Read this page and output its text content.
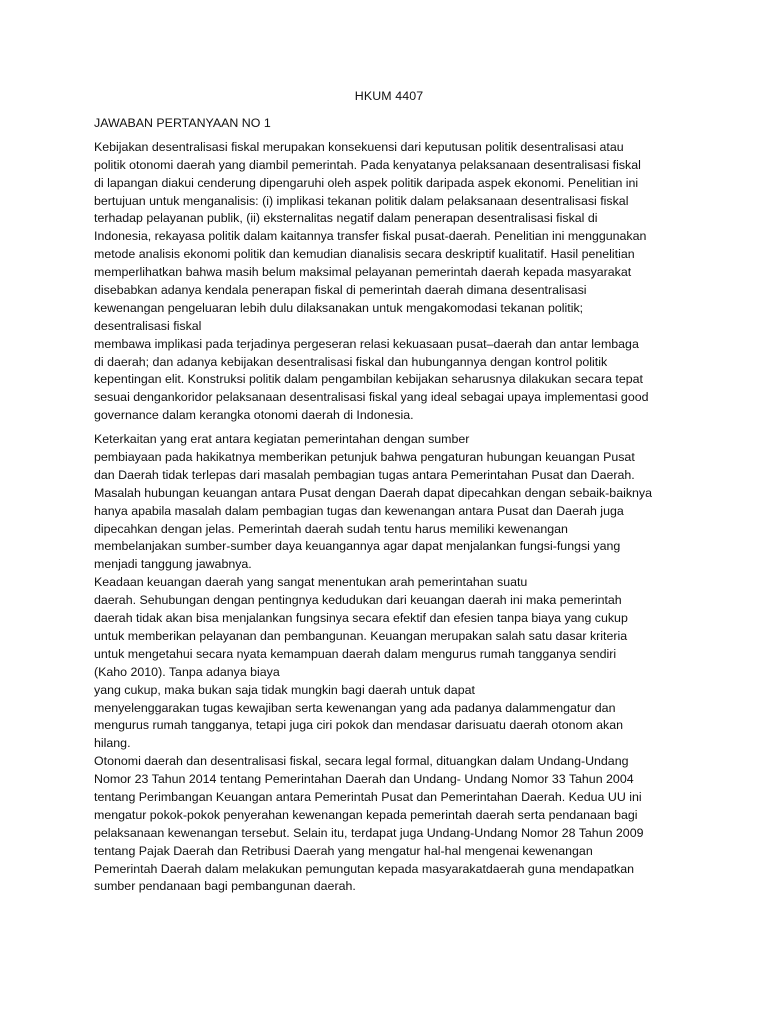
HKUM 4407
JAWABAN PERTANYAAN NO 1
Kebijakan desentralisasi fiskal merupakan konsekuensi dari keputusan politik desentralisasi atau
politik otonomi daerah yang diambil pemerintah. Pada kenyatanya pelaksanaan desentralisasi fiskal
di lapangan diakui cenderung dipengaruhi oleh aspek politik daripada aspek ekonomi. Penelitian ini
bertujuan untuk menganalisis: (i) implikasi tekanan politik dalam pelaksanaan desentralisasi fiskal
terhadap pelayanan publik, (ii) eksternalitas negatif dalam penerapan desentralisasi fiskal di
Indonesia, rekayasa politik dalam kaitannya transfer fiskal pusat-daerah. Penelitian ini menggunakan
metode analisis ekonomi politik dan kemudian dianalisis secara deskriptif kualitatif. Hasil penelitian
memperlihatkan bahwa masih belum maksimal pelayanan pemerintah daerah kepada masyarakat
disebabkan adanya kendala penerapan fiskal di pemerintah daerah dimana desentralisasi
kewenangan pengeluaran lebih dulu dilaksanakan untuk mengakomodasi tekanan politik;
desentralisasi fiskal
membawa implikasi pada terjadinya pergeseran relasi kekuasaan pusat–daerah dan antar lembaga
di daerah; dan adanya kebijakan desentralisasi fiskal dan hubungannya dengan kontrol politik
kepentingan elit. Konstruksi politik dalam pengambilan kebijakan seharusnya dilakukan secara tepat
sesuai dengankoridor pelaksanaan desentralisasi fiskal yang ideal sebagai upaya implementasi good
governance dalam kerangka otonomi daerah di Indonesia.
Keterkaitan yang erat antara kegiatan pemerintahan dengan sumber
pembiayaan pada hakikatnya memberikan petunjuk bahwa pengaturan hubungan keuangan Pusat
dan Daerah tidak terlepas dari masalah pembagian tugas antara Pemerintahan Pusat dan Daerah.
Masalah hubungan keuangan antara Pusat dengan Daerah dapat dipecahkan dengan sebaik-baiknya
hanya apabila masalah dalam pembagian tugas dan kewenangan antara Pusat dan Daerah juga
dipecahkan dengan jelas. Pemerintah daerah sudah tentu harus memiliki kewenangan
membelanjakan sumber-sumber daya keuangannya agar dapat menjalankan fungsi-fungsi yang
menjadi tanggung jawabnya.
Keadaan keuangan daerah yang sangat menentukan arah pemerintahan suatu
daerah. Sehubungan dengan pentingnya kedudukan dari keuangan daerah ini maka pemerintah
daerah tidak akan bisa menjalankan fungsinya secara efektif dan efesien tanpa biaya yang cukup
untuk memberikan pelayanan dan pembangunan. Keuangan merupakan salah satu dasar kriteria
untuk mengetahui secara nyata kemampuan daerah dalam mengurus rumah tangganya sendiri
(Kaho 2010). Tanpa adanya biaya
yang cukup, maka bukan saja tidak mungkin bagi daerah untuk dapat
menyelenggarakan tugas kewajiban serta kewenangan yang ada padanya dalammengatur dan
mengurus rumah tangganya, tetapi juga ciri pokok dan mendasar darisuatu daerah otonom akan
hilang.
Otonomi daerah dan desentralisasi fiskal, secara legal formal, dituangkan dalam Undang-Undang
Nomor 23 Tahun 2014 tentang Pemerintahan Daerah dan Undang- Undang Nomor 33 Tahun 2004
tentang Perimbangan Keuangan antara Pemerintah Pusat dan Pemerintahan Daerah. Kedua UU ini
mengatur pokok-pokok penyerahan kewenangan kepada pemerintah daerah serta pendanaan bagi
pelaksanaan kewenangan tersebut. Selain itu, terdapat juga Undang-Undang Nomor 28 Tahun 2009
tentang Pajak Daerah dan Retribusi Daerah yang mengatur hal-hal mengenai kewenangan
Pemerintah Daerah dalam melakukan pemungutan kepada masyarakatdaerah guna mendapatkan
sumber pendanaan bagi pembangunan daerah.
